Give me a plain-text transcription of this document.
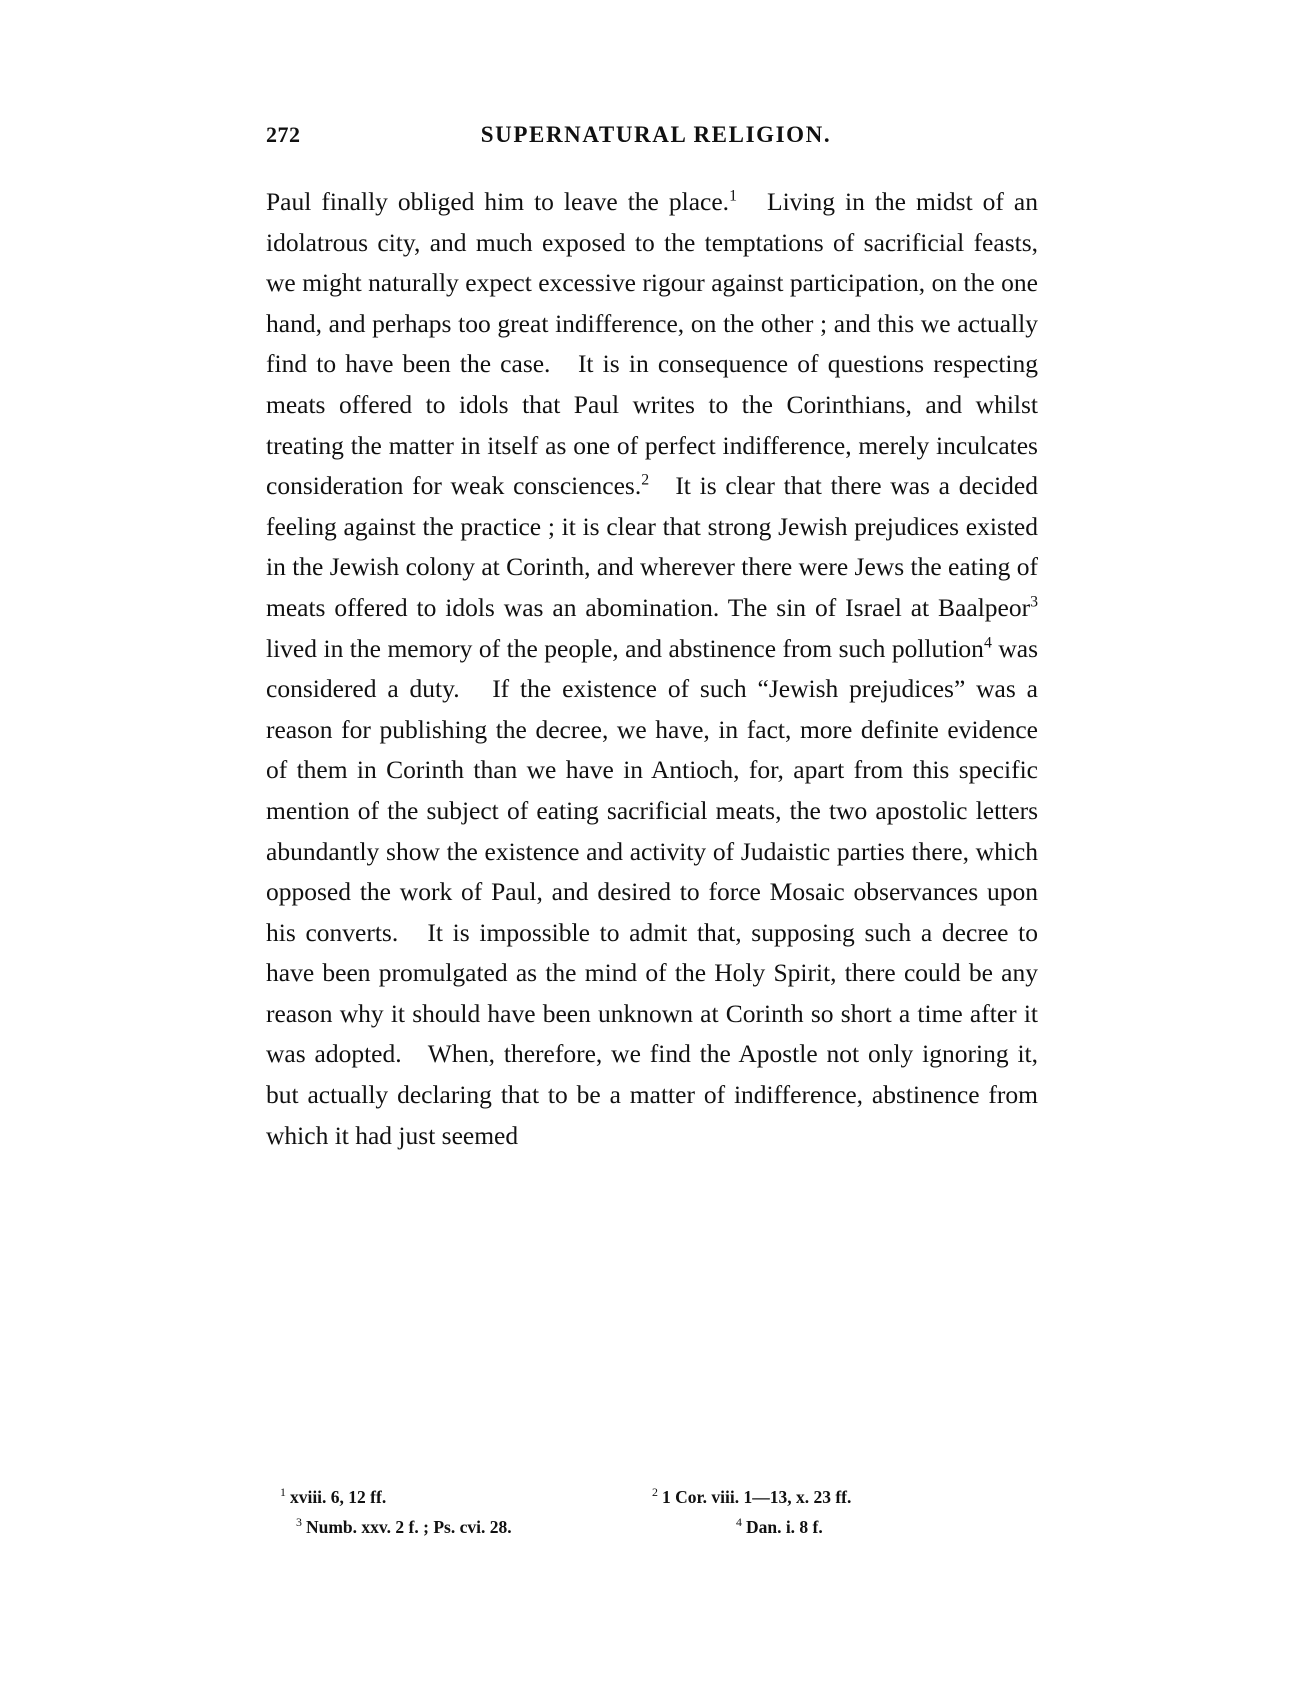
272	SUPERNATURAL RELIGION.

Paul finally obliged him to leave the place.$^1$   Living in the midst of an idolatrous city, and much exposed to the temptations of sacrificial feasts, we might naturally expect excessive rigour against participation, on the one hand, and perhaps too great indifference, on the other ; and this we actually find to have been the case.   It is in consequence of questions respecting meats offered to idols that Paul writes to the Corinthians, and whilst treating the matter in itself as one of perfect indifference, merely inculcates consideration for weak consciences.$^2$   It is clear that there was a decided feeling against the practice ; it is clear that strong Jewish prejudices existed in the Jewish colony at Corinth, and wherever there were Jews the eating of meats offered to idols was an abomination. The sin of Israel at Baalpeor$^3$ lived in the memory of the people, and abstinence from such pollution$^4$ was considered a duty.   If the existence of such “Jewish prejudices” was a reason for publishing the decree, we have, in fact, more definite evidence of them in Corinth than we have in Antioch, for, apart from this specific mention of the subject of eating sacrificial meats, the two apostolic letters abundantly show the existence and activity of Judaistic parties there, which opposed the work of Paul, and desired to force Mosaic observances upon his converts.   It is impossible to admit that, supposing such a decree to have been promulgated as the mind of the Holy Spirit, there could be any reason why it should have been unknown at Corinth so short a time after it was adopted.   When, therefore, we find the Apostle not only ignoring it, but actually declaring that to be a matter of indifference, abstinence from which it had just seemed

$^1$ xviii. 6, 12 ff.	$^2$ 1 Cor. viii. 1—13, x. 23 ff.
$^3$ Numb. xxv. 2 f. ; Ps. cvi. 28.	$^4$ Dan. i. 8 f.
